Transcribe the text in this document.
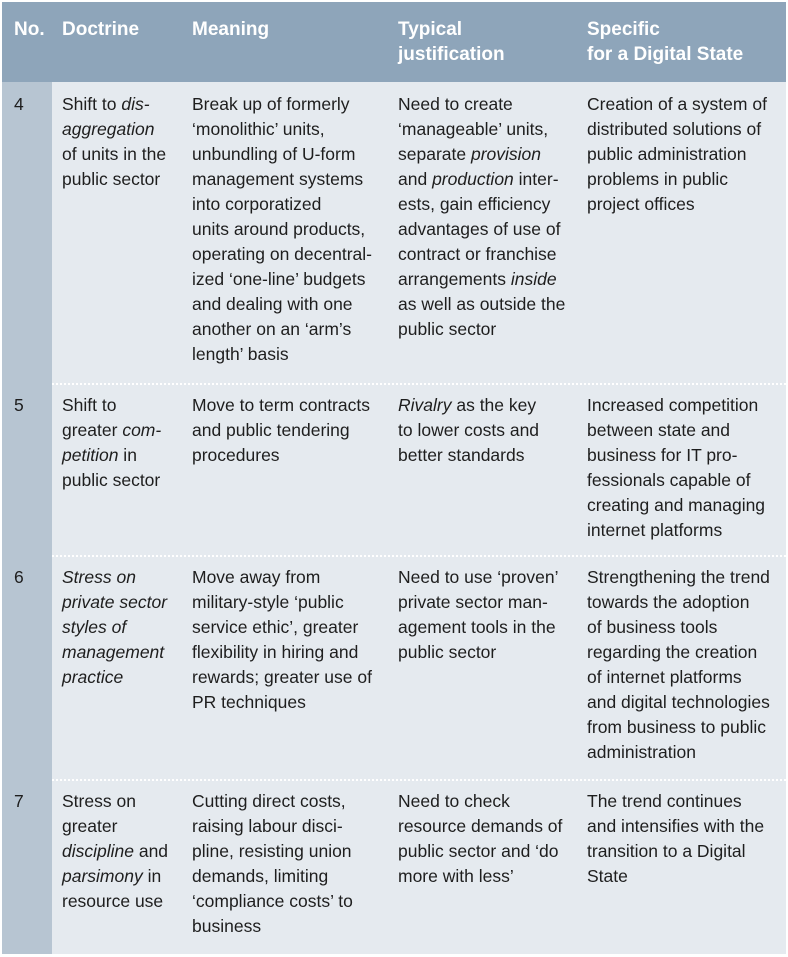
No. Doctrine	Meaning	Typical
justification
Specific
for a Digital State
4 Shift to dis-
aggregation
of units in the
public sector
Break up of formerly
‘monolithic’ units,
unbundling of U-form
management systems
into corporatized
units around products,
operating on decentral-
ized ‘one-line’ budgets
and dealing with one
another on an ‘arm’s
length’ basis
Need to create
‘manageable’ units,
separate provision
and production inter-
ests, gain efficiency
advantages of use of
contract or franchise
arrangements inside
as well as outside the
public sector
Creation of a system of
distributed solutions of
public administration
problems in public
project offices
5 Shift to
greater com-
petition in
public sector
Move to term contracts
and public tendering
procedures
Rivalry as the key
to lower costs and
better standards
Increased competition
between state and
business for IT pro-
fessionals capable of
creating and managing
internet platforms
6 Stress on
private sector
styles of
management
practice
Move away from
military-style ‘public
service ethic’, greater
flexibility in hiring and
rewards; greater use of
PR techniques
Need to use ‘proven’
private sector man-
agement tools in the
public sector
Strengthening the trend
towards the adoption
of business tools
regarding the creation
of internet platforms
and digital technologies
from business to public
administration
7 Stress on
greater
discipline and
parsimony in
resource use
Cutting direct costs,
raising labour disci-
pline, resisting union
demands, limiting
‘compliance costs’ to
business
Need to check
resource demands of
public sector and ‘do
more with less’
The trend continues
and intensifies with the
transition to a Digital
State
